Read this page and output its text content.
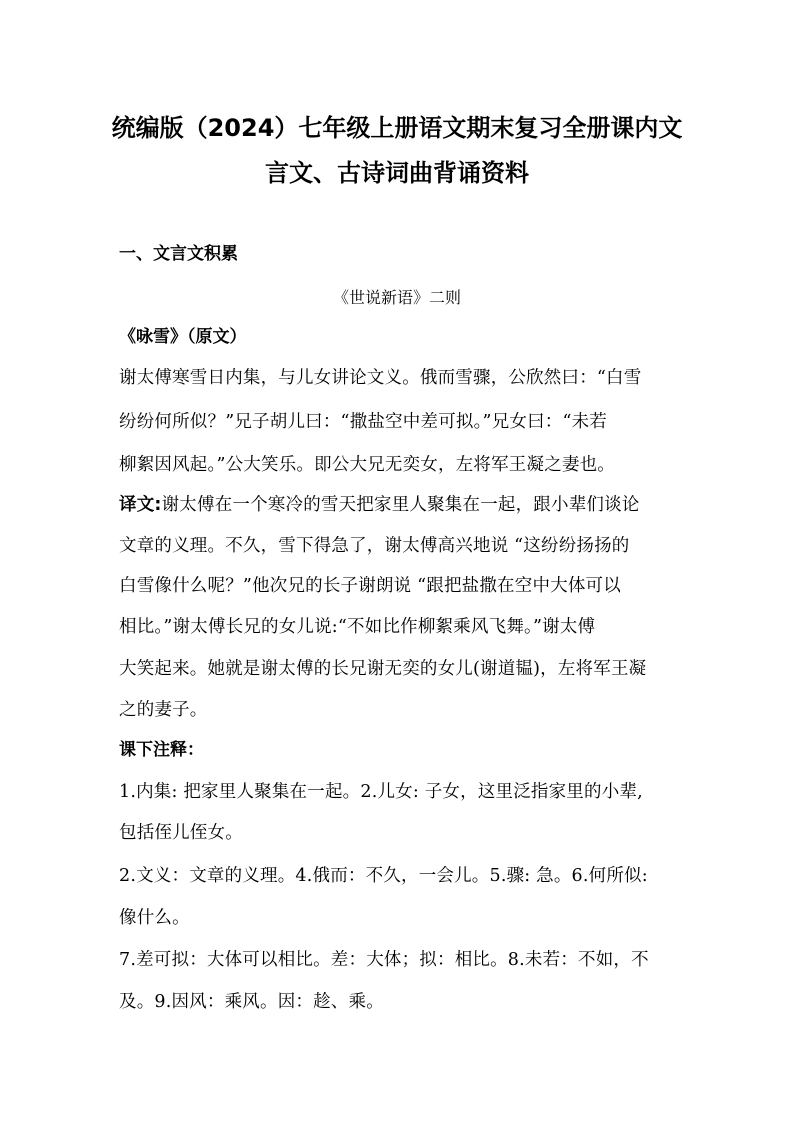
统编版（2024）七年级上册语文期末复习全册课内文
言文、古诗词曲背诵资料
一、文言文积累
《世说新语》二则
《咏雪》（原文）
谢太傅寒雪日内集，与儿女讲论文义。俄而雪骤，公欣然曰：“白雪
纷纷何所似？”兄子胡儿曰：“撒盐空中差可拟。”兄女曰：“未若
柳絮因风起。”公大笑乐。即公大兄无奕女，左将军王凝之妻也。
译文:谢太傅在一个寒冷的雪天把家里人聚集在一起，跟小辈们谈论
文章的义理。不久，雪下得急了，谢太傅高兴地说 “这纷纷扬扬的
白雪像什么呢？”他次兄的长子谢朗说 “跟把盐撒在空中大体可以
相比。”谢太傅长兄的女儿说:“不如比作柳絮乘风飞舞。”谢太傅
大笑起来。她就是谢太傅的长兄谢无奕的女儿(谢道韫)，左将军王凝
之的妻子。
课下注释：
1.内集: 把家里人聚集在一起。2.儿女: 子女，这里泛指家里的小辈,
包括侄儿侄女。
2.文义：文章的义理。4.俄而：不久，一会儿。5.骤: 急。6.何所似:
像什么。
7.差可拟：大体可以相比。差：大体；拟：相比。8.未若：不如，不
及。9.因风：乘风。因：趁、乘。
